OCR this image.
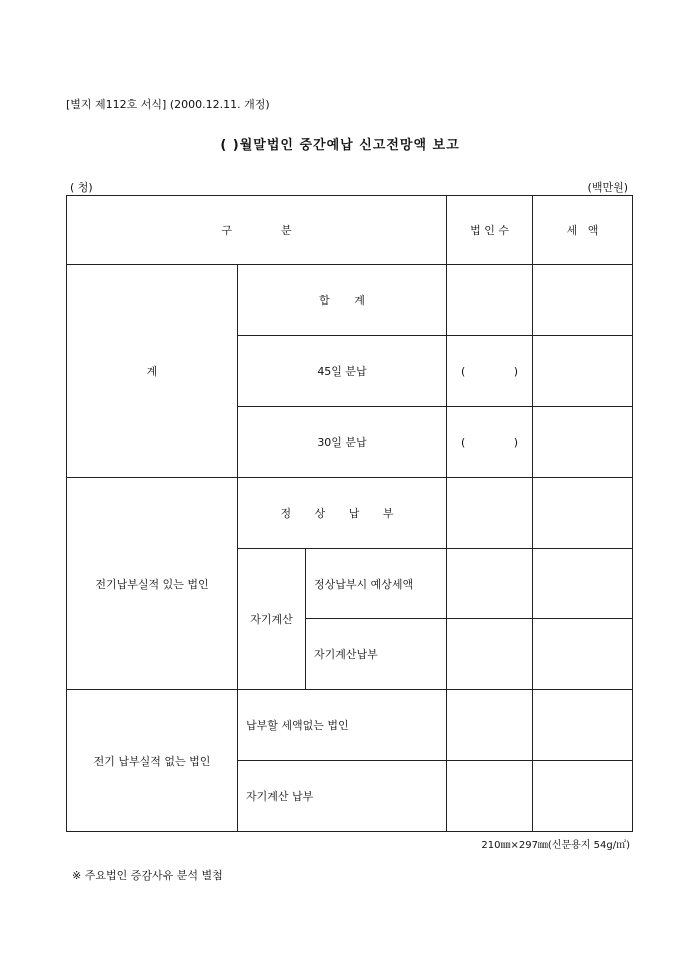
[별지 제112호 서식] (2000.12.11. 개정)
( )월말법인 중간예납 신고전망액 보고
( 청)	(백만원)
구              분			법 인 수	세   액
계	합       계			
	45일 분납		( )	

	30일 분납		( )	

전기납부실적 있는 법인	정 상 납 부			
	자기계산	정상납부시 예상세액		
		자기계산납부		
전기 납부실적 없는 법인	납부할 세액없는 법인			
	자기계산 납부			
210㎜×297㎜(신문용지 54g/㎡)
※ 주요법인 증감사유 분석 별첨
